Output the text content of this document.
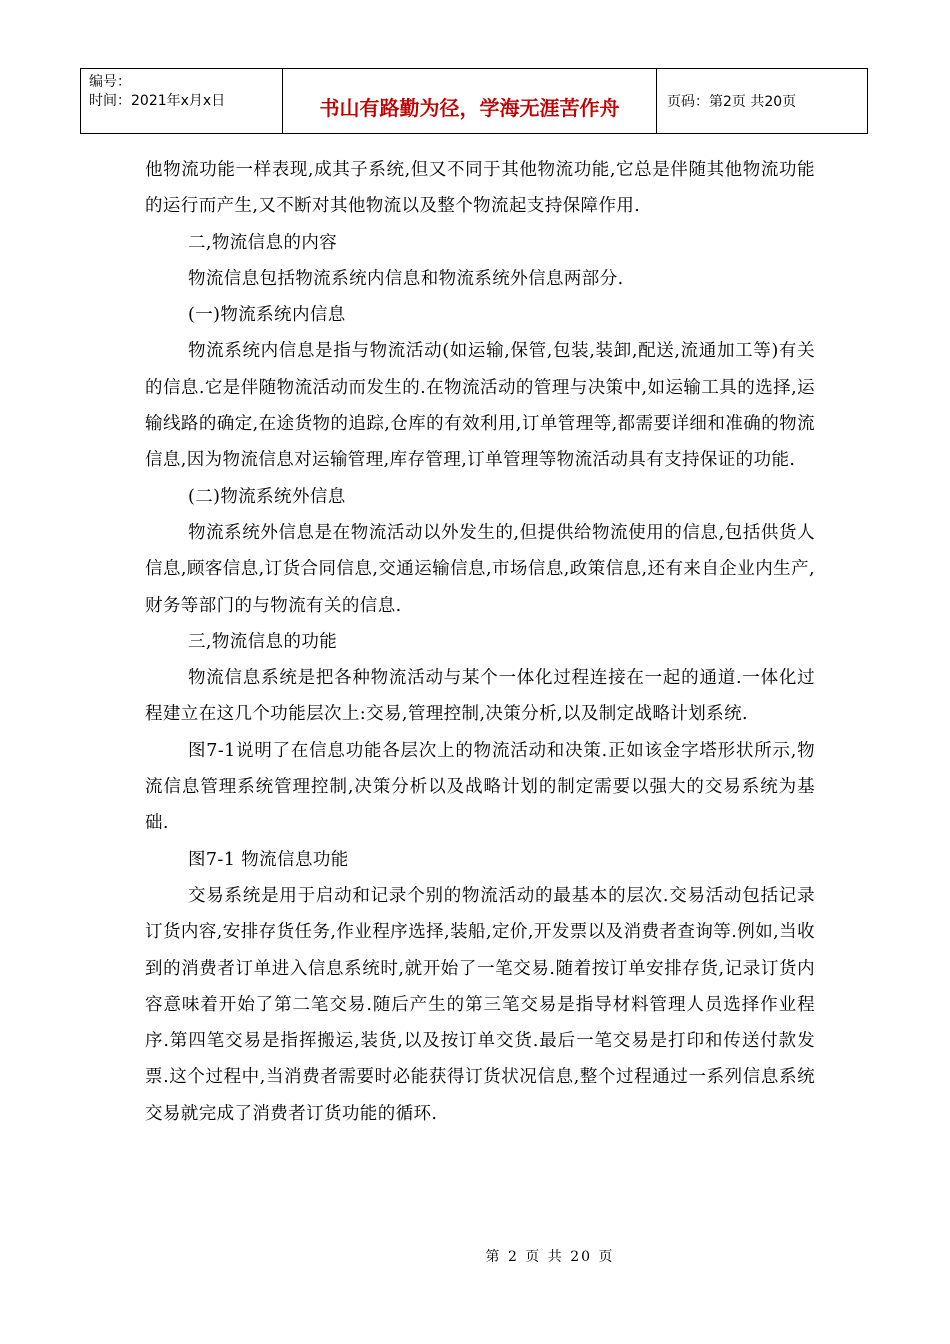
编号：
时间：2021年x月x日	书山有路勤为径，学海无涯苦作舟	页码：第2页 共20页

他物流功能一样表现,成其子系统,但又不同于其他物流功能,它总是伴随其他物流功能的运行而产生,又不断对其他物流以及整个物流起支持保障作用.

二,物流信息的内容

物流信息包括物流系统内信息和物流系统外信息两部分.

(一)物流系统内信息

物流系统内信息是指与物流活动(如运输,保管,包装,装卸,配送,流通加工等)有关的信息.它是伴随物流活动而发生的.在物流活动的管理与决策中,如运输工具的选择,运输线路的确定,在途货物的追踪,仓库的有效利用,订单管理等,都需要详细和准确的物流信息,因为物流信息对运输管理,库存管理,订单管理等物流活动具有支持保证的功能.

(二)物流系统外信息

物流系统外信息是在物流活动以外发生的,但提供给物流使用的信息,包括供货人信息,顾客信息,订货合同信息,交通运输信息,市场信息,政策信息,还有来自企业内生产,财务等部门的与物流有关的信息.

三,物流信息的功能

物流信息系统是把各种物流活动与某个一体化过程连接在一起的通道.一体化过程建立在这几个功能层次上:交易,管理控制,决策分析,以及制定战略计划系统.

图7-1说明了在信息功能各层次上的物流活动和决策.正如该金字塔形状所示,物流信息管理系统管理控制,决策分析以及战略计划的制定需要以强大的交易系统为基础.

图7-1 物流信息功能

交易系统是用于启动和记录个别的物流活动的最基本的层次.交易活动包括记录订货内容,安排存货任务,作业程序选择,装船,定价,开发票以及消费者查询等.例如,当收到的消费者订单进入信息系统时,就开始了一笔交易.随着按订单安排存货,记录订货内容意味着开始了第二笔交易.随后产生的第三笔交易是指导材料管理人员选择作业程序.第四笔交易是指挥搬运,装货,以及按订单交货.最后一笔交易是打印和传送付款发票.这个过程中,当消费者需要时必能获得订货状况信息,整个过程通过一系列信息系统交易就完成了消费者订货功能的循环.

第 2 页 共 20 页
